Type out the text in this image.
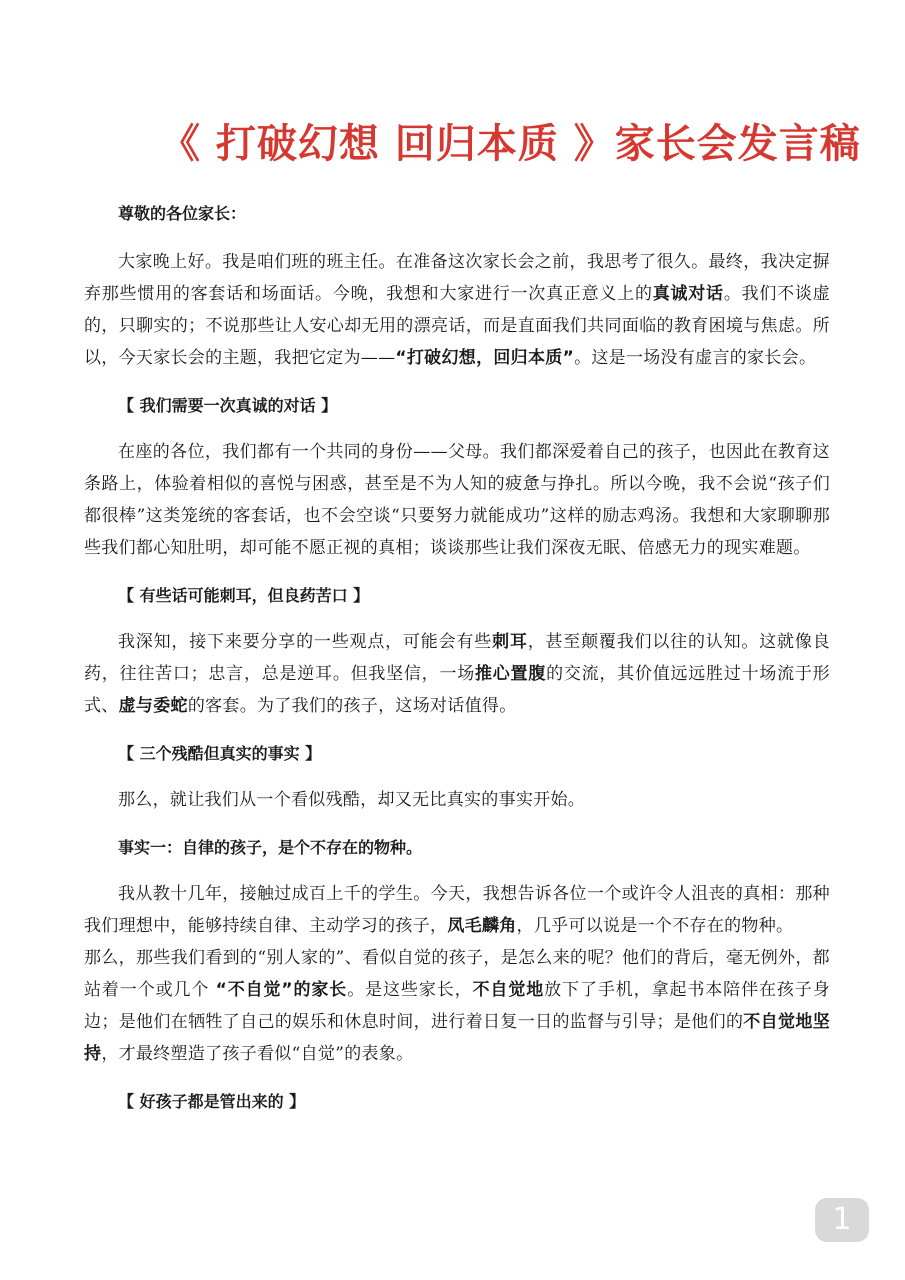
《 打破幻想 回归本质 》家长会发言稿
尊敬的各位家长：

大家晚上好。我是咱们班的班主任。在准备这次家长会之前，我思考了很久。最终，我决定摒弃那些惯用的客套话和场面话。今晚，我想和大家进行一次真正意义上的真诚对话。我们不谈虚的，只聊实的；不说那些让人安心却无用的漂亮话，而是直面我们共同面临的教育困境与焦虑。所以，今天家长会的主题，我把它定为——“打破幻想，回归本质”。这是一场没有虚言的家长会。

【 我们需要一次真诚的对话 】

在座的各位，我们都有一个共同的身份——父母。我们都深爱着自己的孩子，也因此在教育这条路上，体验着相似的喜悦与困惑，甚至是不为人知的疲惫与挣扎。所以今晚，我不会说“孩子们都很棒”这类笼统的客套话，也不会空谈“只要努力就能成功”这样的励志鸡汤。我想和大家聊聊那些我们都心知肚明，却可能不愿正视的真相；谈谈那些让我们深夜无眠、倍感无力的现实难题。

【 有些话可能刺耳，但良药苦口 】

我深知，接下来要分享的一些观点，可能会有些刺耳，甚至颠覆我们以往的认知。这就像良药，往往苦口；忠言，总是逆耳。但我坚信，一场推心置腹的交流，其价值远远胜过十场流于形式、虚与委蛇的客套。为了我们的孩子，这场对话值得。

【 三个残酷但真实的事实 】

那么，就让我们从一个看似残酷，却又无比真实的事实开始。

事实一：自律的孩子，是个不存在的物种。

我从教十几年，接触过成百上千的学生。今天，我想告诉各位一个或许令人沮丧的真相：那种我们理想中，能够持续自律、主动学习的孩子，凤毛麟角，几乎可以说是一个不存在的物种。

那么，那些我们看到的“别人家的”、看似自觉的孩子，是怎么来的呢？他们的背后，毫无例外，都站着一个或几个 “不自觉”的家长。是这些家长，不自觉地放下了手机，拿起书本陪伴在孩子身边；是他们在牺牲了自己的娱乐和休息时间，进行着日复一日的监督与引导；是他们的不自觉地坚持，才最终塑造了孩子看似“自觉”的表象。

【 好孩子都是管出来的 】
1
